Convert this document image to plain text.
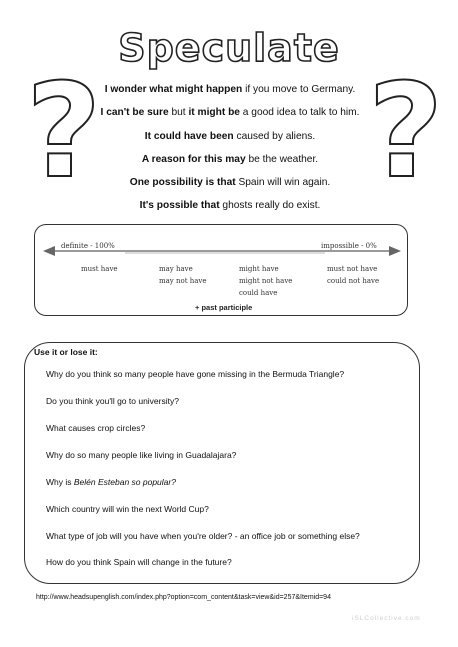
Speculate
? ?
I wonder what might happen if you move to Germany.
I can't be sure but it might be a good idea to talk to him.
It could have been caused by aliens.
A reason for this may be the weather.
One possibility is that Spain will win again.
It's possible that ghosts really do exist.
definite - 100%	impossible - 0%
must have	may have
may not have
might have
might not have
could have
must not have
could not have
+ past participle
Use it or lose it:
Why do you think so many people have gone missing in the Bermuda Triangle?
Do you think you'll go to university?
What causes crop circles?
Why do so many people like living in Guadalajara?
Why is Belén Esteban so popular?
Which country will win the next World Cup?
What type of job will you have when you're older? - an office job or something else?
How do you think Spain will change in the future?
http://www.headsupenglish.com/index.php?option=com_content&task=view&id=257&Itemid=94
iSLCollective.com
